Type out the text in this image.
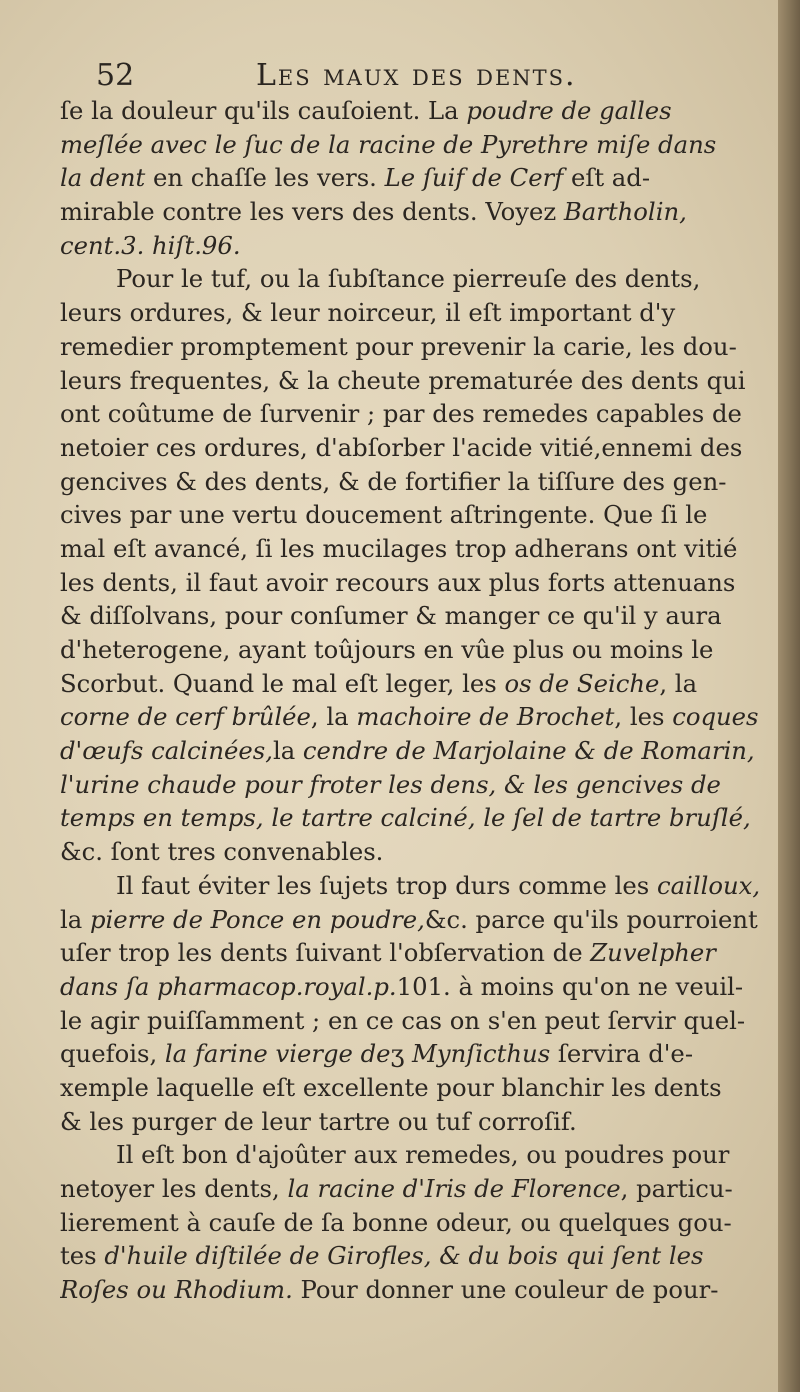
52	Les maux des dents.
ſe la douleur qu'ils cauſoient. La poudre de galles
meſlée avec le ſuc de la racine de Pyrethre miſe dans
la dent en chaſſe les vers. Le ſuif de Cerf eſt ad-
mirable contre les vers des dents. Voyez Bartholin,
cent.3. hiſt.96.
Pour le tuf, ou la ſubſtance pierreuſe des dents,
leurs ordures, & leur noirceur, il eſt important d'y
remedier promptement pour prevenir la carie, les dou-
leurs frequentes, & la cheute prematurée des dents qui
ont coûtume de ſurvenir ; par des remedes capables de
netoier ces ordures, d'abſorber l'acide vitié,ennemi des
gencives & des dents, & de fortifier la tiſſure des gen-
cives par une vertu doucement aſtringente. Que ſi le
mal eſt avancé, ſi les mucilages trop adherans ont vitié
les dents, il faut avoir recours aux plus forts attenuans
& diſſolvans, pour conſumer & manger ce qu'il y aura
d'heterogene, ayant toûjours en vûe plus ou moins le
Scorbut. Quand le mal eſt leger, les os de Seiche, la
corne de cerf brûlée, la machoire de Brochet, les coques
d'œufs calcinées,la cendre de Marjolaine & de Romarin,
l'urine chaude pour froter les dens, & les gencives de
temps en temps, le tartre calciné, le ſel de tartre bruſlé,
&c. ſont tres convenables.
Il faut éviter les ſujets trop durs comme les cailloux,
la pierre de Ponce en poudre,&c. parce qu'ils pourroient
uſer trop les dents ſuivant l'obſervation de Zuvelpher
dans ſa pharmacop.royal.p.101. à moins qu'on ne veuil-
le agir puiſſamment ; en ce cas on s'en peut ſervir quel-
quefois, la farine vierge deʒ Mynſicthus ſervira d'e-
xemple laquelle eſt excellente pour blanchir les dents
& les purger de leur tartre ou tuf corroſif.
Il eſt bon d'ajoûter aux remedes, ou poudres pour
netoyer les dents, la racine d'Iris de Florence, particu-
lierement à cauſe de ſa bonne odeur, ou quelques gou-
tes d'huile diſtilée de Girofles, & du bois qui ſent les
Roſes ou Rhodium. Pour donner une couleur de pour-
